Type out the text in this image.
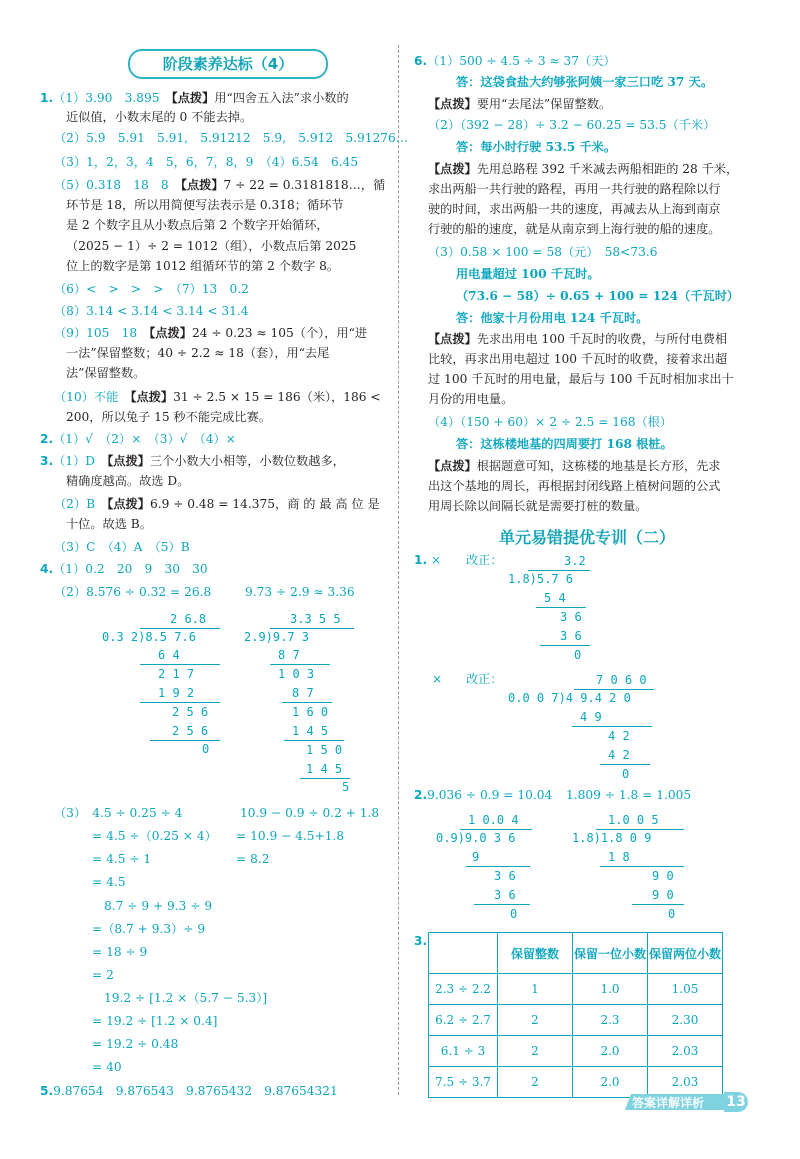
阶段素养达标（4）
1.（1）3.90　3.895　【点拨】用“四舍五入法”求小数的
近似值，小数末尾的 0 不能去掉。
（2）5.9̇　5.91　5.91,　5.912̇12　5.9̇,　5.91̇2̇　5.9127̇6…
（3）1，2，3，4　5，6，7，8，9　（4）6.54　6.45
（5）0.31̇8̇　18　8　【点拨】7 ÷ 22 = 0.3181818…，循
环节是 18，所以用简便写法表示是 0.31̇8̇；循环节
是 2 个数字且从小数点后第 2 个数字开始循环，
（2025 − 1）÷ 2 = 1012（组），小数点后第 2025
位上的数字是第 1012 组循环节的第 2 个数字 8。
（6）<　>　>　>　（7）13　0.2
（8）3.14 < 3.1̇4̇ < 3.14̇ < 31.4
（9）105　18　【点拨】24 ÷ 0.23 ≈ 105（个），用“进
一法”保留整数；40 ÷ 2.2 ≈ 18（套），用“去尾
法”保留整数。
（10）不能　【点拨】31 ÷ 2.5 × 15 = 186（米），186 <
200，所以兔子 15 秒不能完成比赛。
2.（1）√　（2）×　（3）√　（4）×
3.（1）D　【点拨】三个小数大小相等，小数位数越多，
精确度越高。故选 D。
（2）B　【点拨】6.9 ÷ 0.48 = 14.375，商 的 最 高 位 是
十位。故选 B。
（3）C　（4）A　（5）B
4.（1）0.2　20　9　30　30
（2）8.576 ÷ 0.32 = 26.8	9.73 ÷ 2.9 ≈ 3.36
2 6.8
0.3 2)8.5 7.6
6 4
2 1 7
1 9 2
2 5 6
2 5 6
0
3.3 5 5
2.9)9.7 3
8 7
1 0 3
8 7
1 6 0
1 4 5
1 5 0
1 4 5
5
（3）　4.5 ÷ 0.25 ÷ 4
= 4.5 ÷（0.25 × 4）
= 4.5 ÷ 1
= 4.5
10.9 − 0.9 ÷ 0.2 + 1.8
= 10.9 − 4.5+1.8
= 8.2
8.7 ÷ 9 + 9.3 ÷ 9
=（8.7 + 9.3）÷ 9
= 18 ÷ 9
= 2
19.2 ÷ [1.2 ×（5.7 − 5.3）]
= 19.2 ÷ [1.2 × 0.4]
= 19.2 ÷ 0.48
= 40
5.9.87654　9.876543　9.8765432　9.87654321
6.（1）500 ÷ 4.5 ÷ 3 ≈ 37（天）
答：这袋食盐大约够张阿姨一家三口吃 37 天。
【点拨】要用“去尾法”保留整数。
（2）（392 − 28）÷ 3.2 − 60.25 = 53.5（千米）
答：每小时行驶 53.5 千米。
【点拨】先用总路程 392 千米减去两船相距的 28 千米，
求出两船一共行驶的路程，再用一共行驶的路程除以行
驶的时间，求出两船一共的速度，再减去从上海到南京
行驶的船的速度，就是从南京到上海行驶的船的速度。
（3）0.58 × 100 = 58（元）　58<73.6
用电量超过 100 千瓦时。
（73.6 − 58）÷ 0.65 + 100 = 124（千瓦时）
答：他家十月份用电 124 千瓦时。
【点拨】先求出用电 100 千瓦时的收费，与所付电费相
比较，再求出用电超过 100 千瓦时的收费，接着求出超
过 100 千瓦时的用电量，最后与 100 千瓦时相加求出十
月份的用电量。
（4）（150 + 60）× 2 ÷ 2.5 = 168（根）
答：这栋楼地基的四周要打 168 根桩。
【点拨】根据题意可知，这栋楼的地基是长方形，先求
出这个基地的周长，再根据封闭线路上植树问题的公式
用周长除以间隔长就是需要打桩的数量。
单元易错提优专训（二）
1. × 改正：	3.2
1.8)5.7 6
5 4
3 6
3 6
0
× 改正：	7 0 6 0
0.0 0 7)4 9.4 2 0
4 9
4 2
4 2
0
2.9.036 ÷ 0.9 = 10.04 1.809 ÷ 1.8 = 1.005
1 0.0 4
0.9)9.0 3 6
9
3 6
3 6
0
1.0 0 5
1.8)1.8 0 9
1 8
9 0
9 0
0
3.
	保留整数	保留一位小数	保留两位小数
2.3 ÷ 2.2	1	1.0	1.05
6.2 ÷ 2.7	2	2.3	2.30
6.1 ÷ 3	2	2.0	2.03
7.5 ÷ 3.7	2	2.0	2.03
答案详解详析 13
